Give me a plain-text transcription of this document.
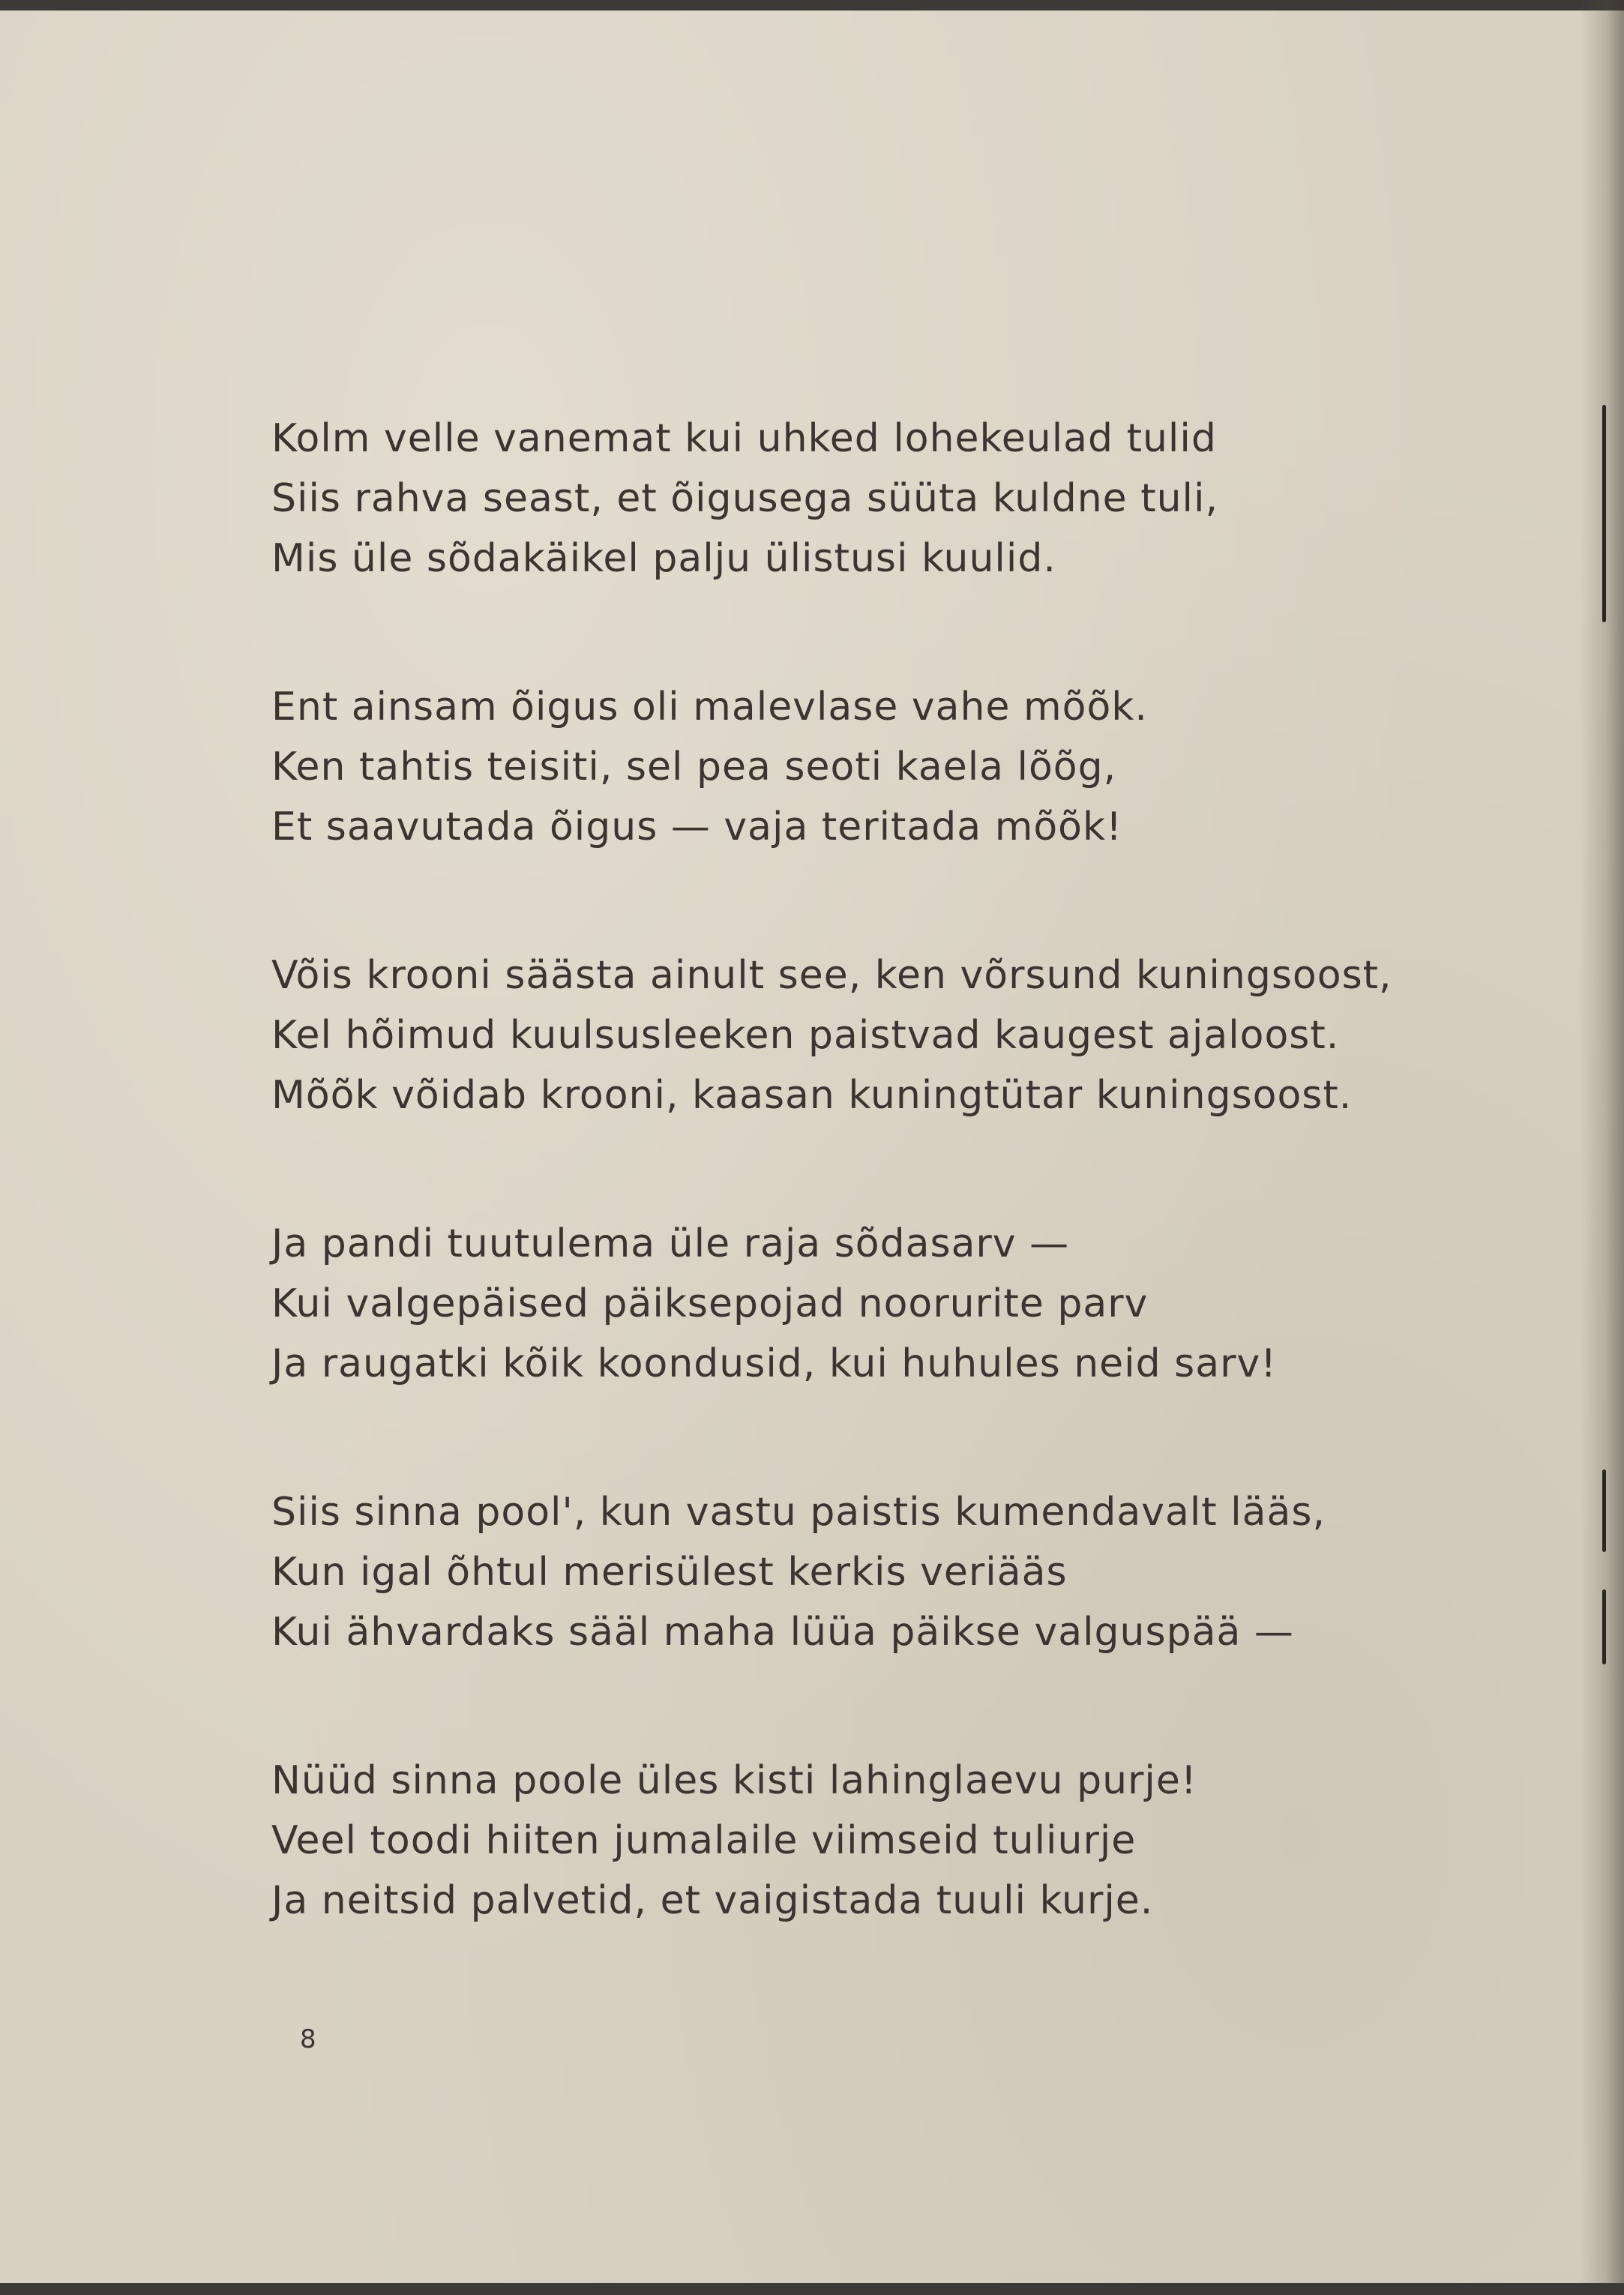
Kolm velle vanemat kui uhked lohekeulad tulid
Siis rahva seast, et õigusega süüta kuldne tuli,
Mis üle sõdakäikel palju ülistusi kuulid.
Ent ainsam õigus oli malevlase vahe mõõk.
Ken tahtis teisiti, sel pea seoti kaela lõõg,
Et saavutada õigus — vaja teritada mõõk!
Võis krooni säästa ainult see, ken võrsund kuningsoost,
Kel hõimud kuulsusleeken paistvad kaugest ajaloost.
Mõõk võidab krooni, kaasan kuningtütar kuningsoost.
Ja pandi tuutulema üle raja sõdasarv —
Kui valgepäised päiksepojad noorurite parv
Ja raugatki kõik koondusid, kui huhules neid sarv!
Siis sinna pool', kun vastu paistis kumendavalt lääs,
Kun igal õhtul merisülest kerkis veriääs
Kui ähvardaks sääl maha lüüa päikse valguspää —
Nüüd sinna poole üles kisti lahinglaevu purje!
Veel toodi hiiten jumalaile viimseid tuliurje
Ja neitsid palvetid, et vaigistada tuuli kurje.
8
